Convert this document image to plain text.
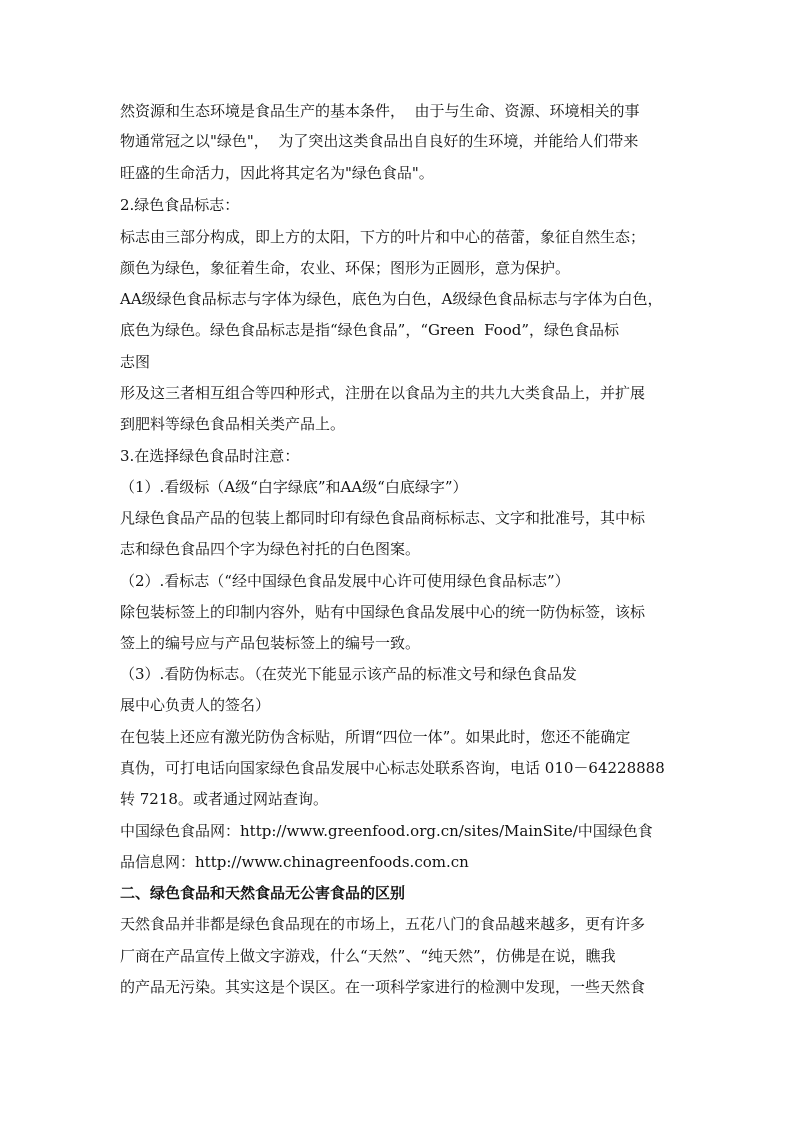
然资源和生态环境是食品生产的基本条件，  由于与生命、资源、环境相关的事
物通常冠之以"绿色"，  为了突出这类食品出自良好的生环境，并能给人们带来
旺盛的生命活力，因此将其定名为"绿色食品"。
2.绿色食品标志：
标志由三部分构成，即上方的太阳，下方的叶片和中心的蓓蕾，象征自然生态；
颜色为绿色，象征着生命，农业、环保；图形为正圆形，意为保护。
AA级绿色食品标志与字体为绿色，底色为白色，A级绿色食品标志与字体为白色，
底色为绿色。绿色食品标志是指“绿色食品”，“Green  Food”，绿色食品标
志图
形及这三者相互组合等四种形式，注册在以食品为主的共九大类食品上，并扩展
到肥料等绿色食品相关类产品上。
3.在选择绿色食品时注意：
（1）.看级标（A级“白字绿底”和AA级“白底绿字”）
凡绿色食品产品的包装上都同时印有绿色食品商标标志、文字和批准号，其中标
志和绿色食品四个字为绿色衬托的白色图案。
（2）.看标志（“经中国绿色食品发展中心许可使用绿色食品标志”）
除包装标签上的印制内容外，贴有中国绿色食品发展中心的统一防伪标签，该标
签上的编号应与产品包装标签上的编号一致。
（3）.看防伪标志。（在荧光下能显示该产品的标准文号和绿色食品发
展中心负责人的签名）
在包装上还应有激光防伪含标贴，所谓“四位一体”。如果此时，您还不能确定
真伪，可打电话向国家绿色食品发展中心标志处联系咨询，电话 010－64228888
转 7218。或者通过网站查询。
中国绿色食品网：http://www.greenfood.org.cn/sites/MainSite/中国绿色食
品信息网：http://www.chinagreenfoods.com.cn
二、绿色食品和天然食品无公害食品的区别
天然食品并非都是绿色食品现在的市场上，五花八门的食品越来越多，更有许多
厂商在产品宣传上做文字游戏，什么“天然”、“纯天然”，仿佛是在说，瞧我
的产品无污染。其实这是个误区。在一项科学家进行的检测中发现，一些天然食
